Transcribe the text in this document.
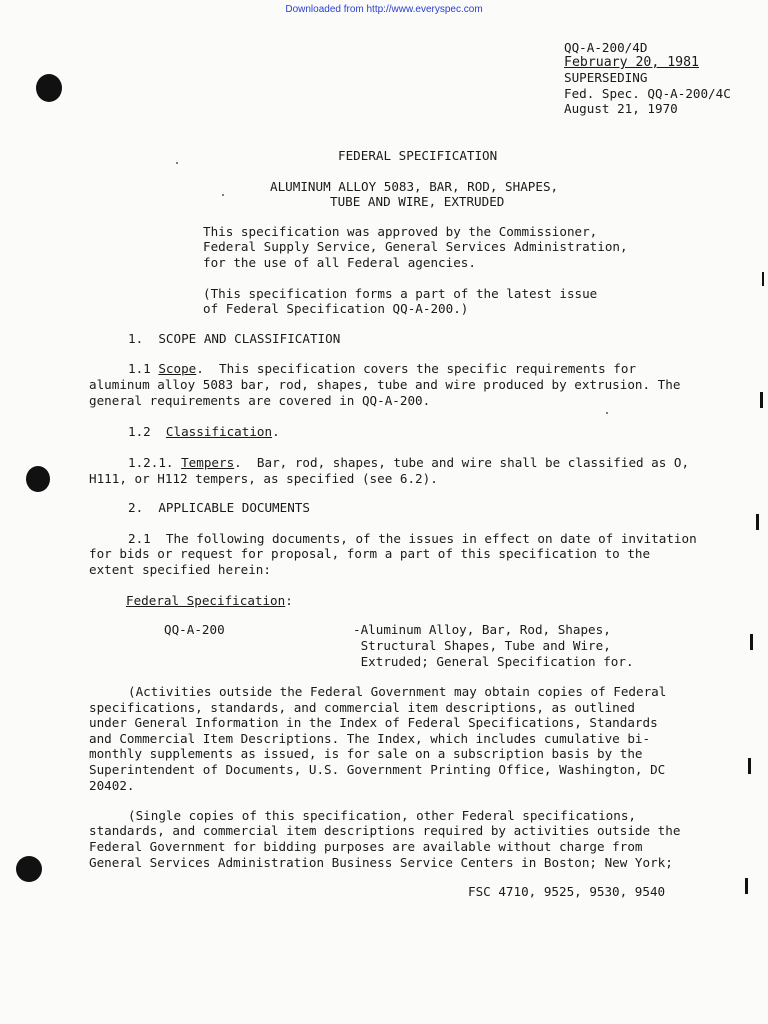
Downloaded from http://www.everyspec.com
QQ-A-200/4D
February 20, 1981
SUPERSEDING
Fed. Spec. QQ-A-200/4C
August 21, 1970
FEDERAL SPECIFICATION
ALUMINUM ALLOY 5083, BAR, ROD, SHAPES,
TUBE AND WIRE, EXTRUDED
This specification was approved by the Commissioner,
Federal Supply Service, General Services Administration,
for the use of all Federal agencies.
(This specification forms a part of the latest issue
of Federal Specification QQ-A-200.)
1.  SCOPE AND CLASSIFICATION
1.1 Scope.  This specification covers the specific requirements for
aluminum alloy 5083 bar, rod, shapes, tube and wire produced by extrusion. The
general requirements are covered in QQ-A-200.
1.2 Classification.
1.2.1. Tempers.  Bar, rod, shapes, tube and wire shall be classified as O,
H111, or H112 tempers, as specified (see 6.2).
2.  APPLICABLE DOCUMENTS
2.1  The following documents, of the issues in effect on date of invitation
for bids or request for proposal, form a part of this specification to the
extent specified herein:
Federal Specification:
QQ-A-200	-Aluminum Alloy, Bar, Rod, Shapes,
Structural Shapes, Tube and Wire,
Extruded; General Specification for.
(Activities outside the Federal Government may obtain copies of Federal
specifications, standards, and commercial item descriptions, as outlined
under General Information in the Index of Federal Specifications, Standards
and Commercial Item Descriptions. The Index, which includes cumulative bi-
monthly supplements as issued, is for sale on a subscription basis by the
Superintendent of Documents, U.S. Government Printing Office, Washington, DC
20402.
(Single copies of this specification, other Federal specifications,
standards, and commercial item descriptions required by activities outside the
Federal Government for bidding purposes are available without charge from
General Services Administration Business Service Centers in Boston; New York;
FSC 4710, 9525, 9530, 9540
